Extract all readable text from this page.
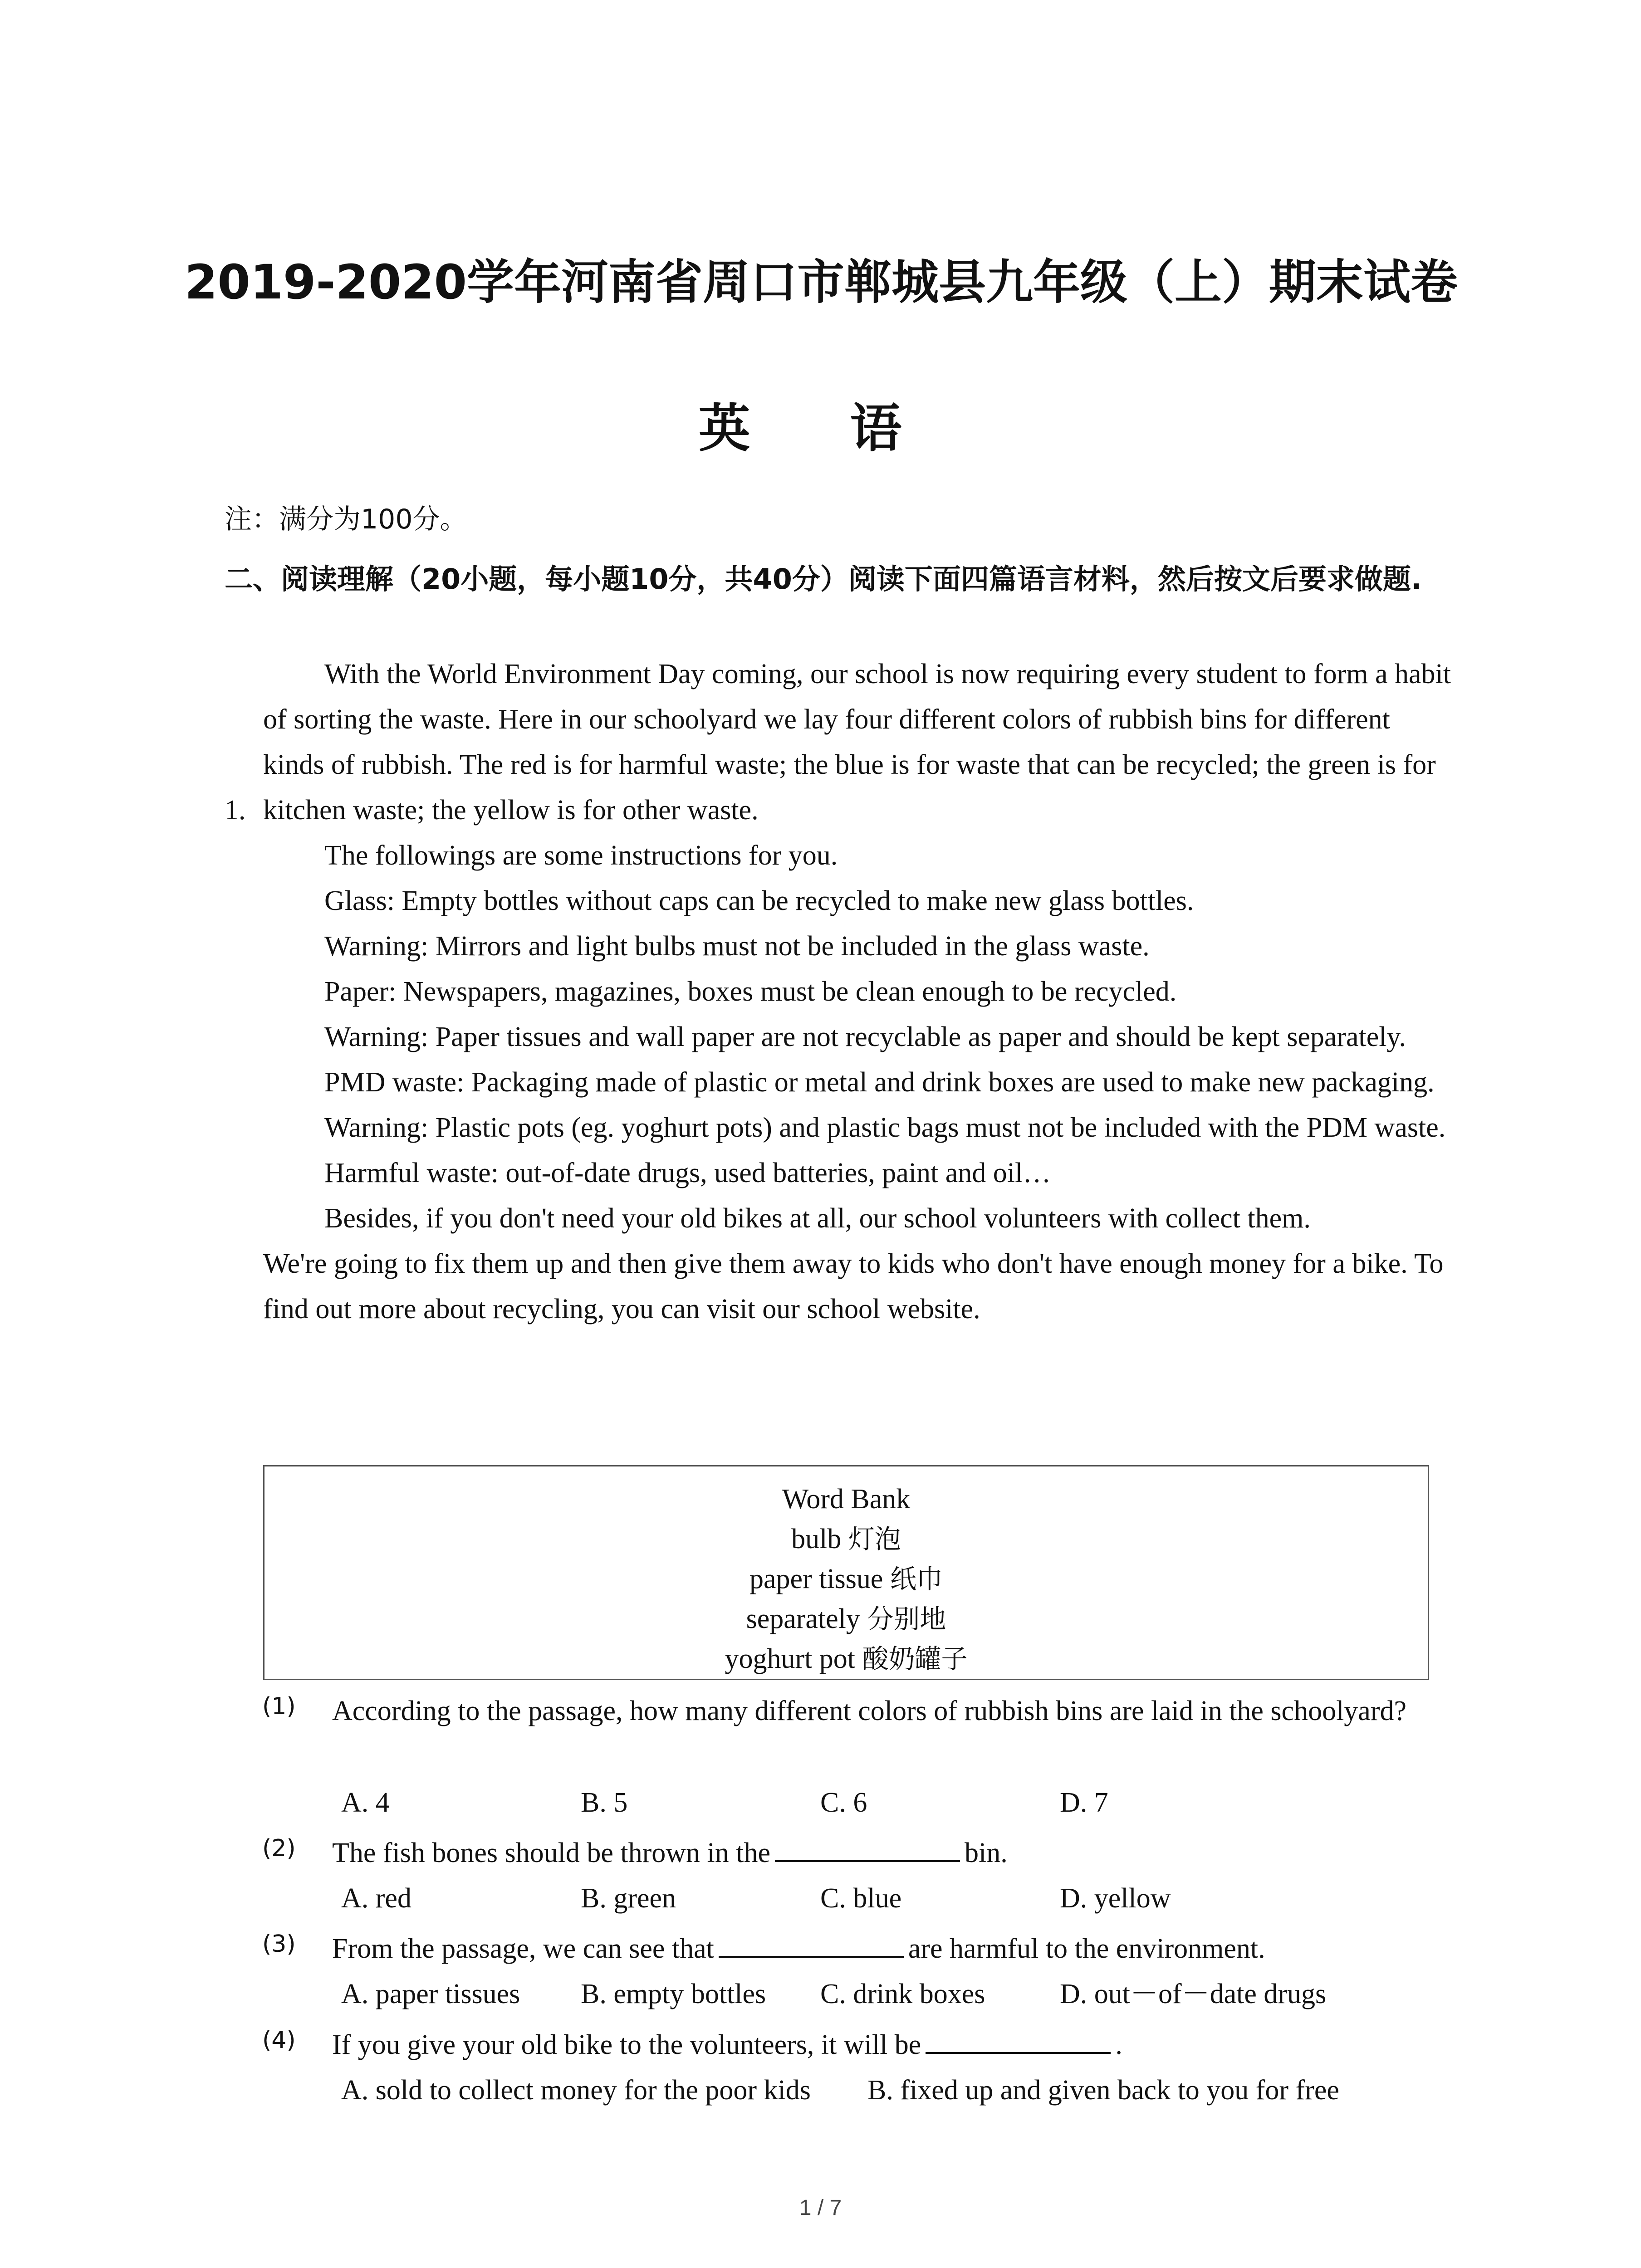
2019-2020学年河南省周口市郸城县九年级（上）期末试卷
英 语
注：满分为100分。

二、阅读理解（20小题，每小题10分，共40分）阅读下面四篇语言材料，然后按文后要求做题.

1.

With the World Environment Day coming, our school is now requiring every student to form a habit of sorting the waste. Here in our schoolyard we lay four different colors of rubbish bins for different kinds of rubbish. The red is for harmful waste; the blue is for waste that can be recycled; the green is for kitchen waste; the yellow is for other waste.

The followings are some instructions for you.

Glass: Empty bottles without caps can be recycled to make new glass bottles.

Warning: Mirrors and light bulbs must not be included in the glass waste.

Paper: Newspapers, magazines, boxes must be clean enough to be recycled.

Warning: Paper tissues and wall paper are not recyclable as paper and should be kept separately.

PMD waste: Packaging made of plastic or metal and drink boxes are used to make new packaging.

Warning: Plastic pots (eg. yoghurt pots) and plastic bags must not be included with the PDM waste.

Harmful waste: out-of-date drugs, used batteries, paint and oil…

Besides, if you don't need your old bikes at all, our school volunteers with collect them.

We're going to fix them up and then give them away to kids who don't have enough money for a bike. To find out more about recycling, you can visit our school website.

Word Bank
bulb 灯泡
paper tissue 纸巾
separately 分别地
yoghurt pot 酸奶罐子
(1) According to the passage, how many different colors of rubbish bins are laid in the schoolyard?
A. 4	B. 5	C. 6	D. 7
(2) The fish bones should be thrown in the	bin.
A. red	B. green	C. blue	D. yellow
(3) From the passage, we can see that	are harmful to the environment.
A. paper tissues B. empty bottles C. drink boxes	D. out－of－date drugs
(4) If you give your old bike to the volunteers, it will be	.
A. sold to collect money for the poor kids B. fixed up and given back to you for free
1 / 7
